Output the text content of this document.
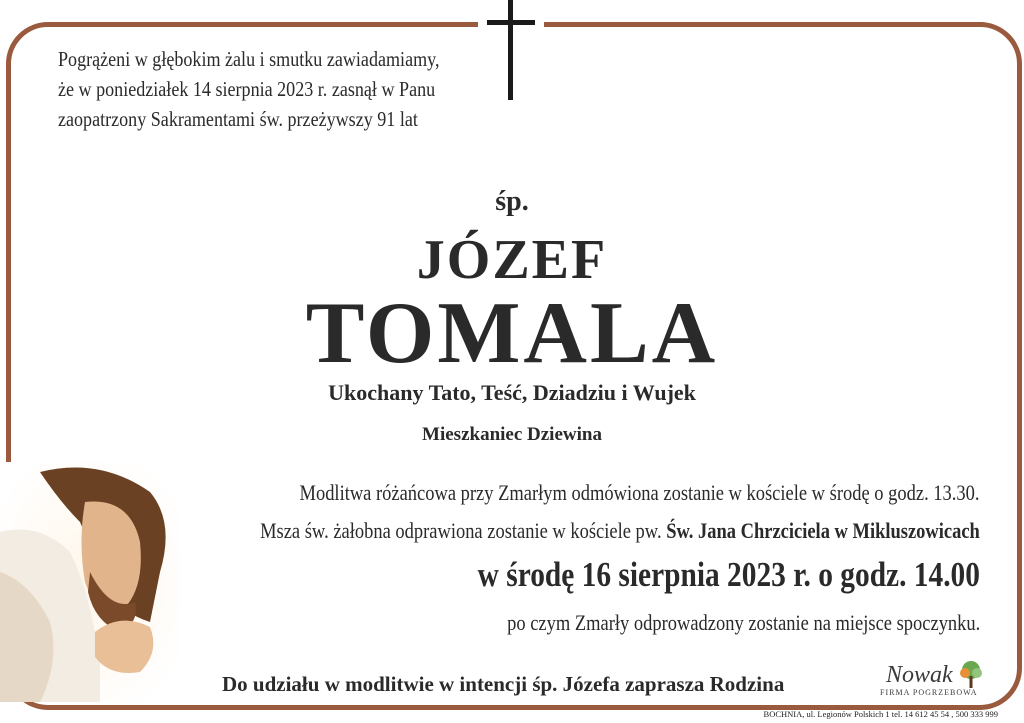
Pogrążeni w głębokim żalu i smutku zawiadamiamy,
że w poniedziałek 14 sierpnia 2023 r. zasnął w Panu
zaopatrzony Sakramentami św. przeżywszy 91 lat
śp.
JÓZEF
TOMALA
Ukochany Tato, Teść, Dziadziu i Wujek
Mieszkaniec Dziewina
Modlitwa różańcowa przy Zmarłym odmówiona zostanie w kościele w środę o godz. 13.30.
Msza św. żałobna odprawiona zostanie w kościele pw. Św. Jana Chrzciciela w Mikluszowicach
w środę 16 sierpnia 2023 r. o godz. 14.00
po czym Zmarły odprowadzony zostanie na miejsce spoczynku.
Do udziału w modlitwie w intencji śp. Józefa zaprasza Rodzina	Nowak
FIRMA POGRZEBOWA
BOCHNIA, ul. Legionów Polskich 1 tel. 14 612 45 54 , 500 333 999
